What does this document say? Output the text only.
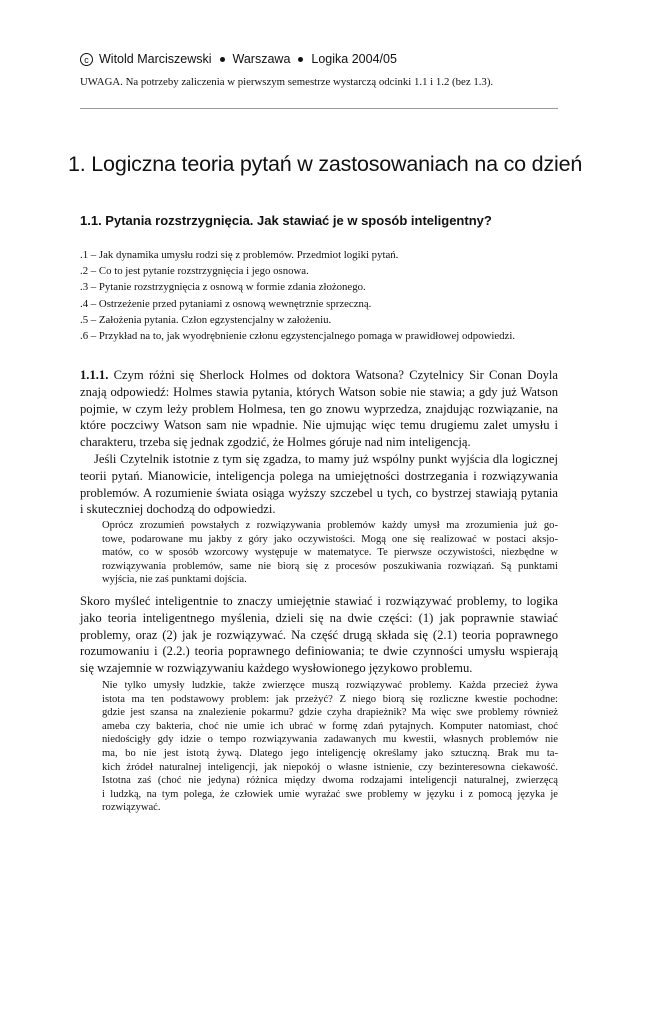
c Witold Marciszewski Warszawa Logika 2004/05
UWAGA. Na potrzeby zaliczenia w pierwszym semestrze wystarczą odcinki 1.1 i 1.2 (bez 1.3).
1. Logiczna teoria pytań w zastosowaniach na co dzień
1.1. Pytania rozstrzygnięcia. Jak stawiać je w sposób inteligentny?
.1 – Jak dynamika umysłu rodzi się z problemów. Przedmiot logiki pytań.
.2 – Co to jest pytanie rozstrzygnięcia i jego osnowa.
.3 – Pytanie rozstrzygnięcia z osnową w formie zdania złożonego.
.4 – Ostrzeżenie przed pytaniami z osnową wewnętrznie sprzeczną.
.5 – Założenia pytania. Człon egzystencjalny w założeniu.
.6 – Przykład na to, jak wyodrębnienie członu egzystencjalnego pomaga w prawidłowej odpowiedzi.
1.1.1. Czym różni się Sherlock Holmes od doktora Watsona? Czytelnicy Sir Conan Doyla
znają odpowiedź: Holmes stawia pytania, których Watson sobie nie stawia; a gdy już Watson
pojmie, w czym leży problem Holmesa, ten go znowu wyprzedza, znajdując rozwiązanie, na
które poczciwy Watson sam nie wpadnie. Nie ujmując więc temu drugiemu zalet umysłu i
charakteru, trzeba się jednak zgodzić, że Holmes góruje nad nim inteligencją.
Jeśli Czytelnik istotnie z tym się zgadza, to mamy już wspólny punkt wyjścia dla logicznej
teorii pytań. Mianowicie, inteligencja polega na umiejętności dostrzegania i rozwiązywania
problemów. A rozumienie świata osiąga wyższy szczebel u tych, co bystrzej stawiają pytania
i skuteczniej dochodzą do odpowiedzi.
Oprócz zrozumień powstałych z rozwiązywania problemów każdy umysł ma zrozumienia już go-
towe, podarowane mu jakby z góry jako oczywistości. Mogą one się realizować w postaci aksjo-
matów, co w sposób wzorcowy występuje w matematyce. Te pierwsze oczywistości, niezbędne w
rozwiązywania problemów, same nie biorą się z procesów poszukiwania rozwiązań. Są punktami
wyjścia, nie zaś punktami dojścia.
Skoro myśleć inteligentnie to znaczy umiejętnie stawiać i rozwiązywać problemy, to logika
jako teoria inteligentnego myślenia, dzieli się na dwie części: (1) jak poprawnie stawiać
problemy, oraz (2) jak je rozwiązywać. Na część drugą składa się (2.1) teoria poprawnego
rozumowaniu i (2.2.) teoria poprawnego definiowania; te dwie czynności umysłu wspierają
się wzajemnie w rozwiązywaniu każdego wysłowionego językowo problemu.
Nie tylko umysły ludzkie, także zwierzęce muszą rozwiązywać problemy. Każda przecież żywa
istota ma ten podstawowy problem: jak przeżyć? Z niego biorą się rozliczne kwestie pochodne:
gdzie jest szansa na znalezienie pokarmu? gdzie czyha drapieżnik? Ma więc swe problemy również
ameba czy bakteria, choć nie umie ich ubrać w formę zdań pytajnych. Komputer natomiast, choć
niedościgły gdy idzie o tempo rozwiązywania zadawanych mu kwestii, własnych problemów nie
ma, bo nie jest istotą żywą. Dlatego jego inteligencję określamy jako sztuczną. Brak mu ta-
kich źródeł naturalnej inteligencji, jak niepokój o własne istnienie, czy bezinteresowna ciekawość.
Istotna zaś (choć nie jedyna) różnica między dwoma rodzajami inteligencji naturalnej, zwierzęcą
i ludzką, na tym polega, że człowiek umie wyrażać swe problemy w języku i z pomocą języka je
rozwiązywać.
